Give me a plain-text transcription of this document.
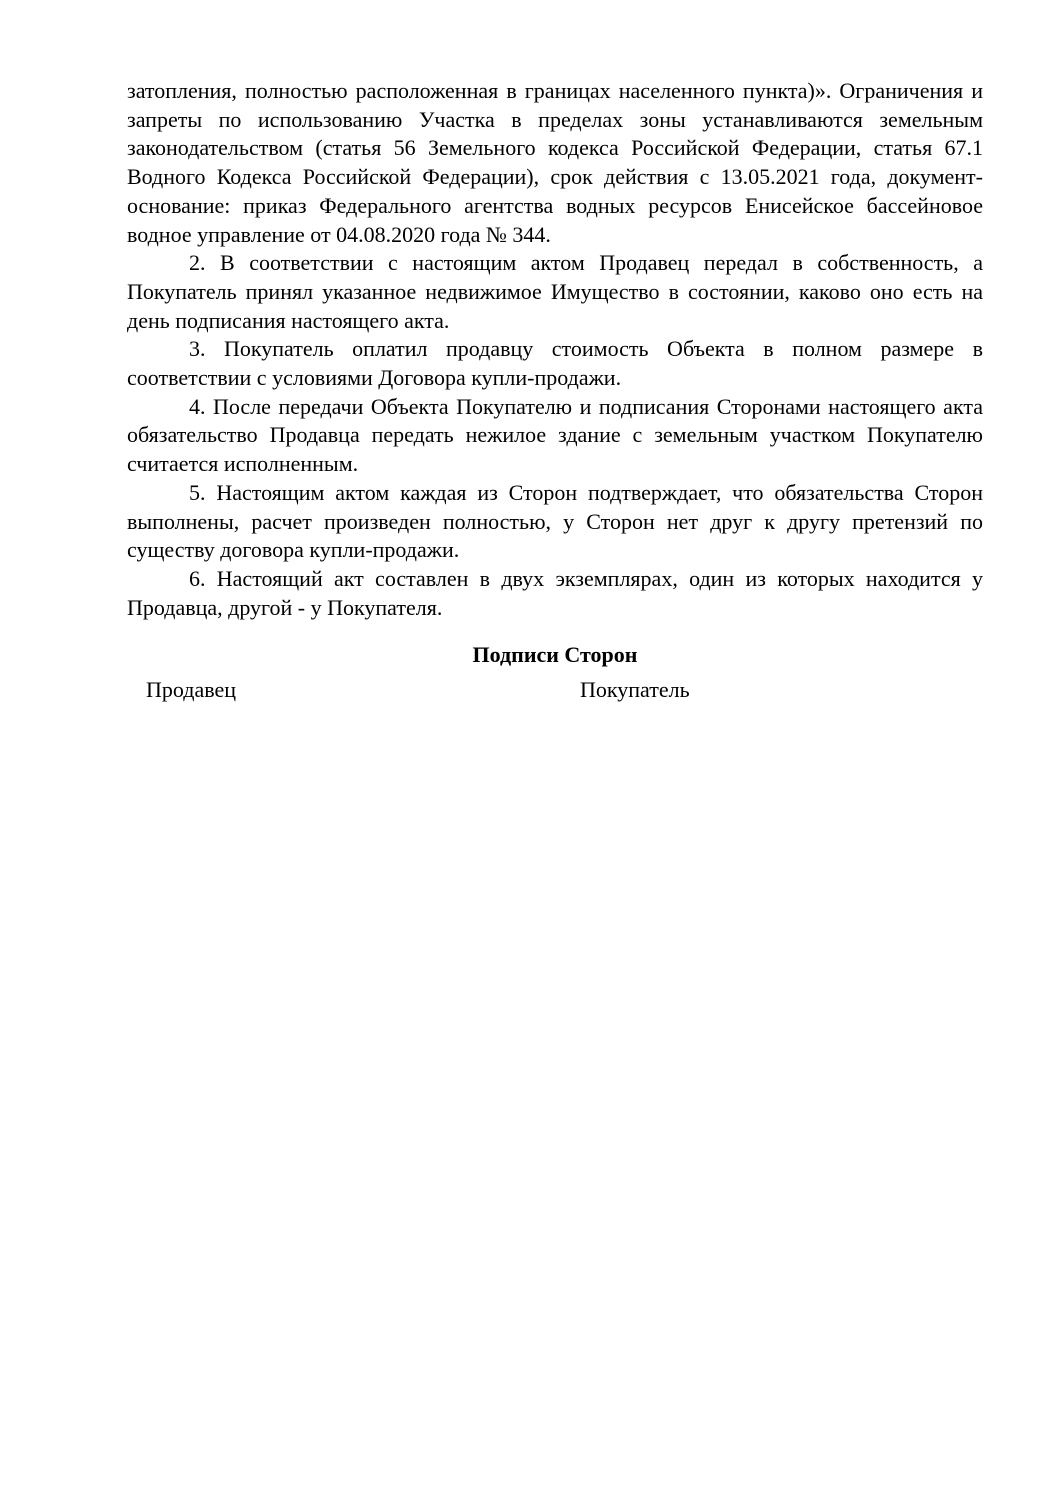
затопления, полностью расположенная в границах населенного пункта)». Ограничения и запреты по использованию Участка в пределах зоны устанавливаются земельным законодательством (статья 56 Земельного кодекса Российской Федерации, статья 67.1 Водного Кодекса Российской Федерации), срок действия с 13.05.2021 года, документ-основание: приказ Федерального агентства водных ресурсов Енисейское бассейновое водное управление от 04.08.2020 года № 344.

2. В соответствии с настоящим актом Продавец передал в собственность, а Покупатель принял указанное недвижимое Имущество в состоянии, каково оно есть на день подписания настоящего акта.

3. Покупатель оплатил продавцу стоимость Объекта в полном размере в соответствии с условиями Договора купли-продажи.

4. После передачи Объекта Покупателю и подписания Сторонами настоящего акта обязательство Продавца передать нежилое здание с земельным участком Покупателю считается исполненным.

5. Настоящим актом каждая из Сторон подтверждает, что обязательства Сторон выполнены, расчет произведен полностью, у Сторон нет друг к другу претензий по существу договора купли-продажи.

6. Настоящий акт составлен в двух экземплярах, один из которых находится у Продавца, другой - у Покупателя.

Подписи Сторон
Продавец	Покупатель
